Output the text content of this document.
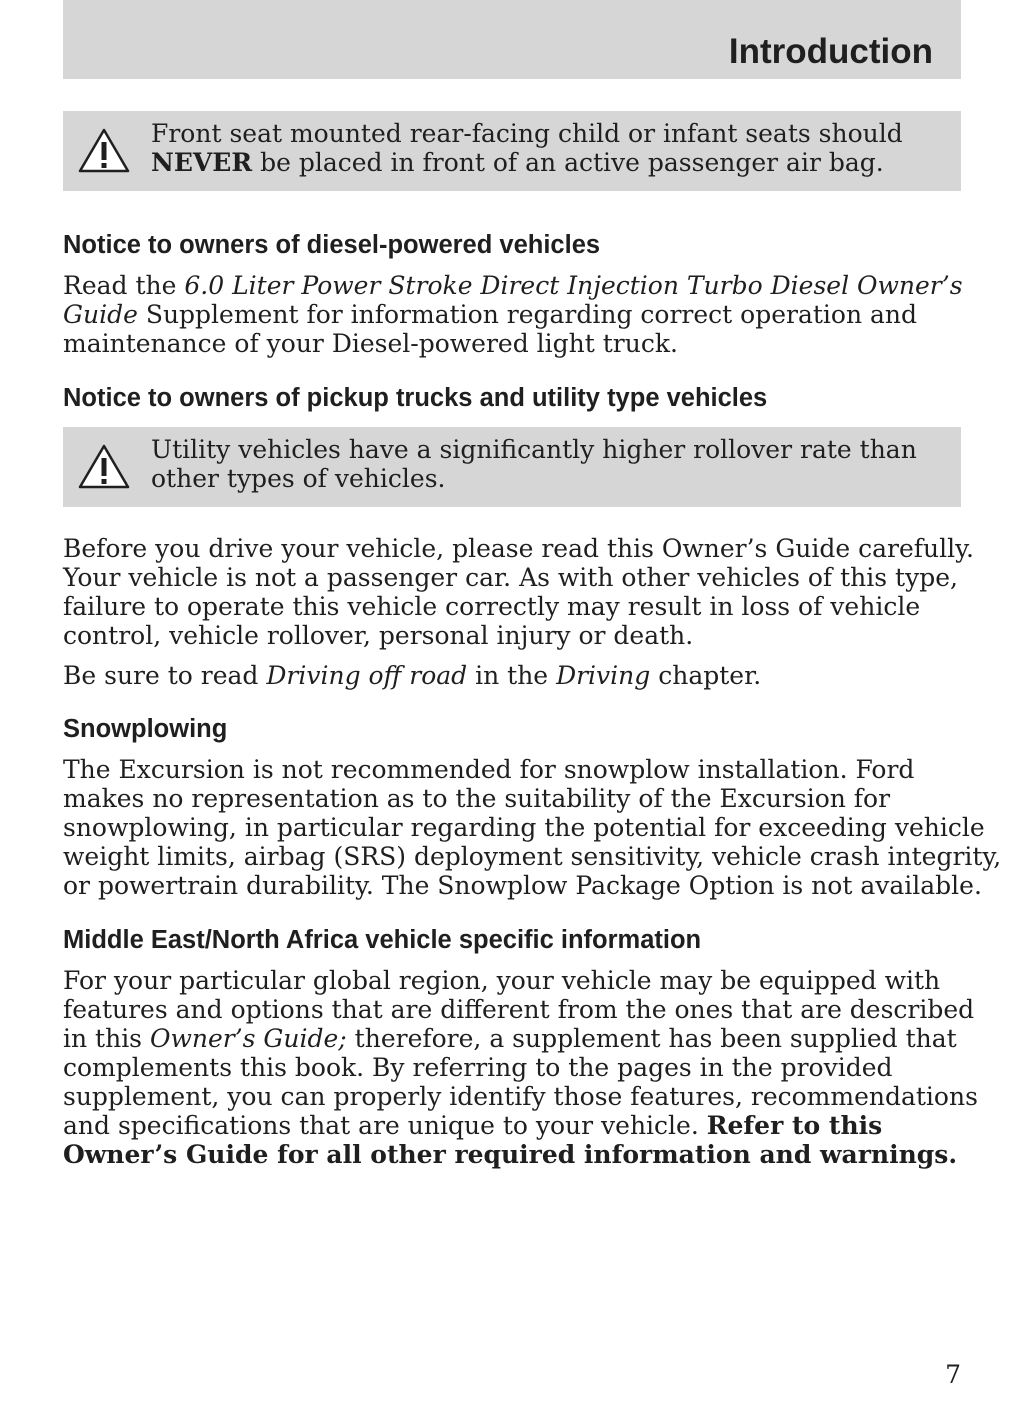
Introduction

Front seat mounted rear-facing child or infant seats should
NEVER be placed in front of an active passenger air bag.

Notice to owners of diesel-powered vehicles

Read the 6.0 Liter Power Stroke Direct Injection Turbo Diesel Owner’s
Guide Supplement for information regarding correct operation and
maintenance of your Diesel-powered light truck.

Notice to owners of pickup trucks and utility type vehicles

Utility vehicles have a significantly higher rollover rate than
other types of vehicles.

Before you drive your vehicle, please read this Owner’s Guide carefully.
Your vehicle is not a passenger car. As with other vehicles of this type,
failure to operate this vehicle correctly may result in loss of vehicle
control, vehicle rollover, personal injury or death.

Be sure to read Driving off road in the Driving chapter.

Snowplowing

The Excursion is not recommended for snowplow installation. Ford
makes no representation as to the suitability of the Excursion for
snowplowing, in particular regarding the potential for exceeding vehicle
weight limits, airbag (SRS) deployment sensitivity, vehicle crash integrity,
or powertrain durability. The Snowplow Package Option is not available.

Middle East/North Africa vehicle specific information

For your particular global region, your vehicle may be equipped with
features and options that are different from the ones that are described
in this Owner’s Guide; therefore, a supplement has been supplied that
complements this book. By referring to the pages in the provided
supplement, you can properly identify those features, recommendations
and specifications that are unique to your vehicle. Refer to this
Owner’s Guide for all other required information and warnings.

7
